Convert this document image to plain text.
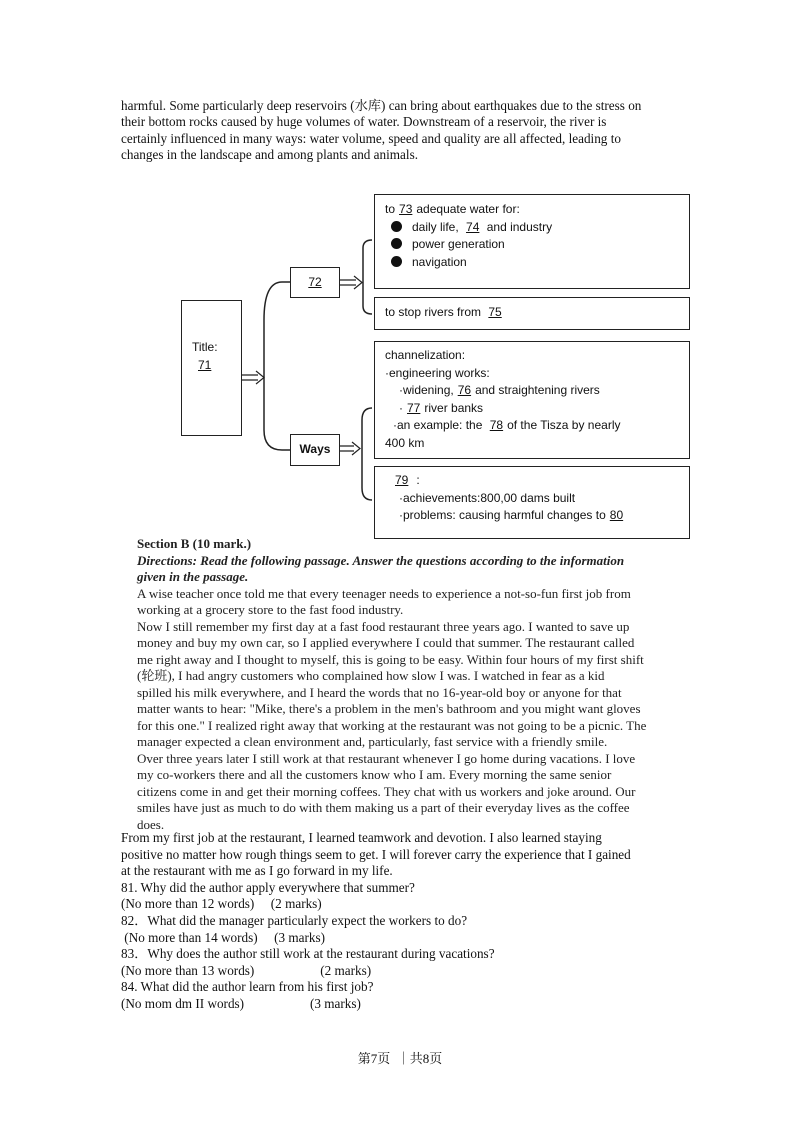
harmful. Some particularly deep reservoirs (水库) can bring about earthquakes due to the stress on

their bottom rocks caused by huge volumes of water. Downstream of a reservoir, the river is

certainly influenced in many ways: water volume, speed and quality are all affected, leading to

changes in the landscape and among plants and animals.

Title:
71
72
Ways
to 73 adequate water for:
daily life, 74 and industry
power generation
navigation
to stop rivers from 75
channelization:
·engineering works:
·widening, 76 and straightening rivers
· 77 river banks
·an example: the 78 of the Tisza by nearly
400 km
79 :
·achievements:800,00 dams built
·problems: causing harmful changes to 80

Section B (10 mark.)

Directions: Read the following passage. Answer the questions according to the information

given in the passage.

A wise teacher once told me that every teenager needs to experience a not-so-fun first job from

working at a grocery store to the fast food industry.

Now I still remember my first day at a fast food restaurant three years ago. I wanted to save up

money and buy my own car, so I applied everywhere I could that summer. The restaurant called

me right away and I thought to myself, this is going to be easy. Within four hours of my first shift

(轮班), I had angry customers who complained how slow I was. I watched in fear as a kid

spilled his milk everywhere, and I heard the words that no 16-year-old boy or anyone for that

matter wants to hear: "Mike, there's a problem in the men's bathroom and you might want gloves

for this one." I realized right away that working at the restaurant was not going to be a picnic. The

manager expected a clean environment and, particularly, fast service with a friendly smile.

Over three years later I still work at that restaurant whenever I go home during vacations. I love

my co-workers there and all the customers know who I am. Every morning the same senior

citizens come in and get their morning coffees. They chat with us workers and joke around. Our

smiles have just as much to do with them making us a part of their everyday lives as the coffee

does.

From my first job at the restaurant, I learned teamwork and devotion. I also learned staying

positive no matter how rough things seem to get. I will forever carry the experience that I gained

at the restaurant with me as I go forward in my life.

81. Why did the author apply everywhere that summer?

(No more than 12 words)     (2 marks)

82．What did the manager particularly expect the workers to do?

(No more than 14 words)     (3 marks)

83．Why does the author still work at the restaurant during vacations?

(No more than 13 words)                    (2 marks)

84. What did the author learn from his first job?

(No mom dm II words)                    (3 marks)

第7页  ｜共8页
